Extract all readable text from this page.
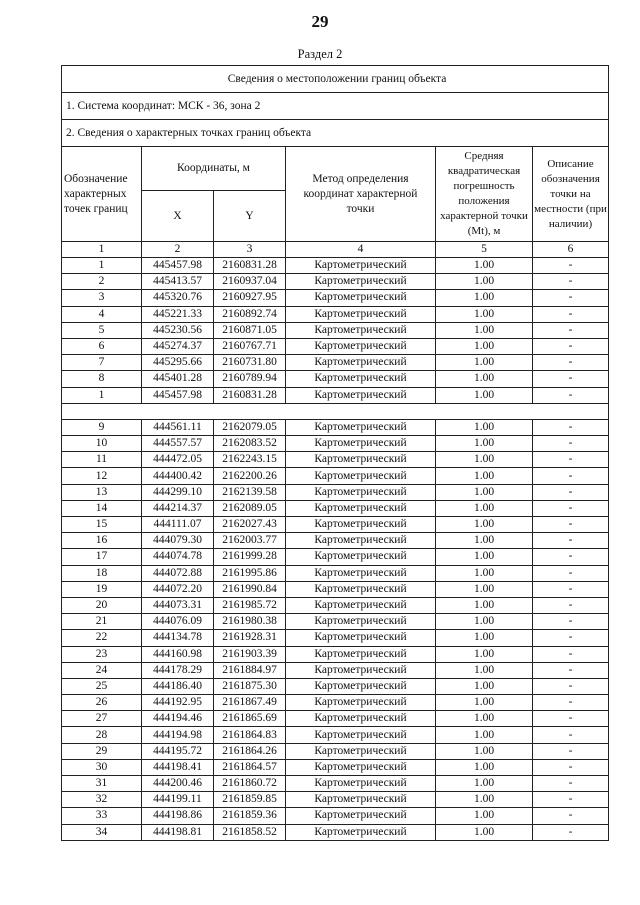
29
Раздел 2
Сведения о местоположении границ объекта					
1. Система координат: МСК - 36, зона 2					
2. Сведения о характерных точках границ объекта					
Обозначение характерных точек границ	Координаты, м		Метод определения координат характерной точки	Средняя квадратическая погрешность положения характерной точки (Mt), м	Описание обозначения точки на местности (при наличии)
	X	Y			
1	2	3	4	5	6
1	445457.98	2160831.28	Картометрический	1.00	-
2	445413.57	2160937.04	Картометрический	1.00	-
3	445320.76	2160927.95	Картометрический	1.00	-
4	445221.33	2160892.74	Картометрический	1.00	-
5	445230.56	2160871.05	Картометрический	1.00	-
6	445274.37	2160767.71	Картометрический	1.00	-
7	445295.66	2160731.80	Картометрический	1.00	-
8	445401.28	2160789.94	Картометрический	1.00	-
1	445457.98	2160831.28	Картометрический	1.00	-

9	444561.11	2162079.05	Картометрический	1.00	-
10	444557.57	2162083.52	Картометрический	1.00	-
11	444472.05	2162243.15	Картометрический	1.00	-
12	444400.42	2162200.26	Картометрический	1.00	-
13	444299.10	2162139.58	Картометрический	1.00	-
14	444214.37	2162089.05	Картометрический	1.00	-
15	444111.07	2162027.43	Картометрический	1.00	-
16	444079.30	2162003.77	Картометрический	1.00	-
17	444074.78	2161999.28	Картометрический	1.00	-
18	444072.88	2161995.86	Картометрический	1.00	-
19	444072.20	2161990.84	Картометрический	1.00	-
20	444073.31	2161985.72	Картометрический	1.00	-
21	444076.09	2161980.38	Картометрический	1.00	-
22	444134.78	2161928.31	Картометрический	1.00	-
23	444160.98	2161903.39	Картометрический	1.00	-
24	444178.29	2161884.97	Картометрический	1.00	-
25	444186.40	2161875.30	Картометрический	1.00	-
26	444192.95	2161867.49	Картометрический	1.00	-
27	444194.46	2161865.69	Картометрический	1.00	-
28	444194.98	2161864.83	Картометрический	1.00	-
29	444195.72	2161864.26	Картометрический	1.00	-
30	444198.41	2161864.57	Картометрический	1.00	-
31	444200.46	2161860.72	Картометрический	1.00	-
32	444199.11	2161859.85	Картометрический	1.00	-
33	444198.86	2161859.36	Картометрический	1.00	-
34	444198.81	2161858.52	Картометрический	1.00	-
